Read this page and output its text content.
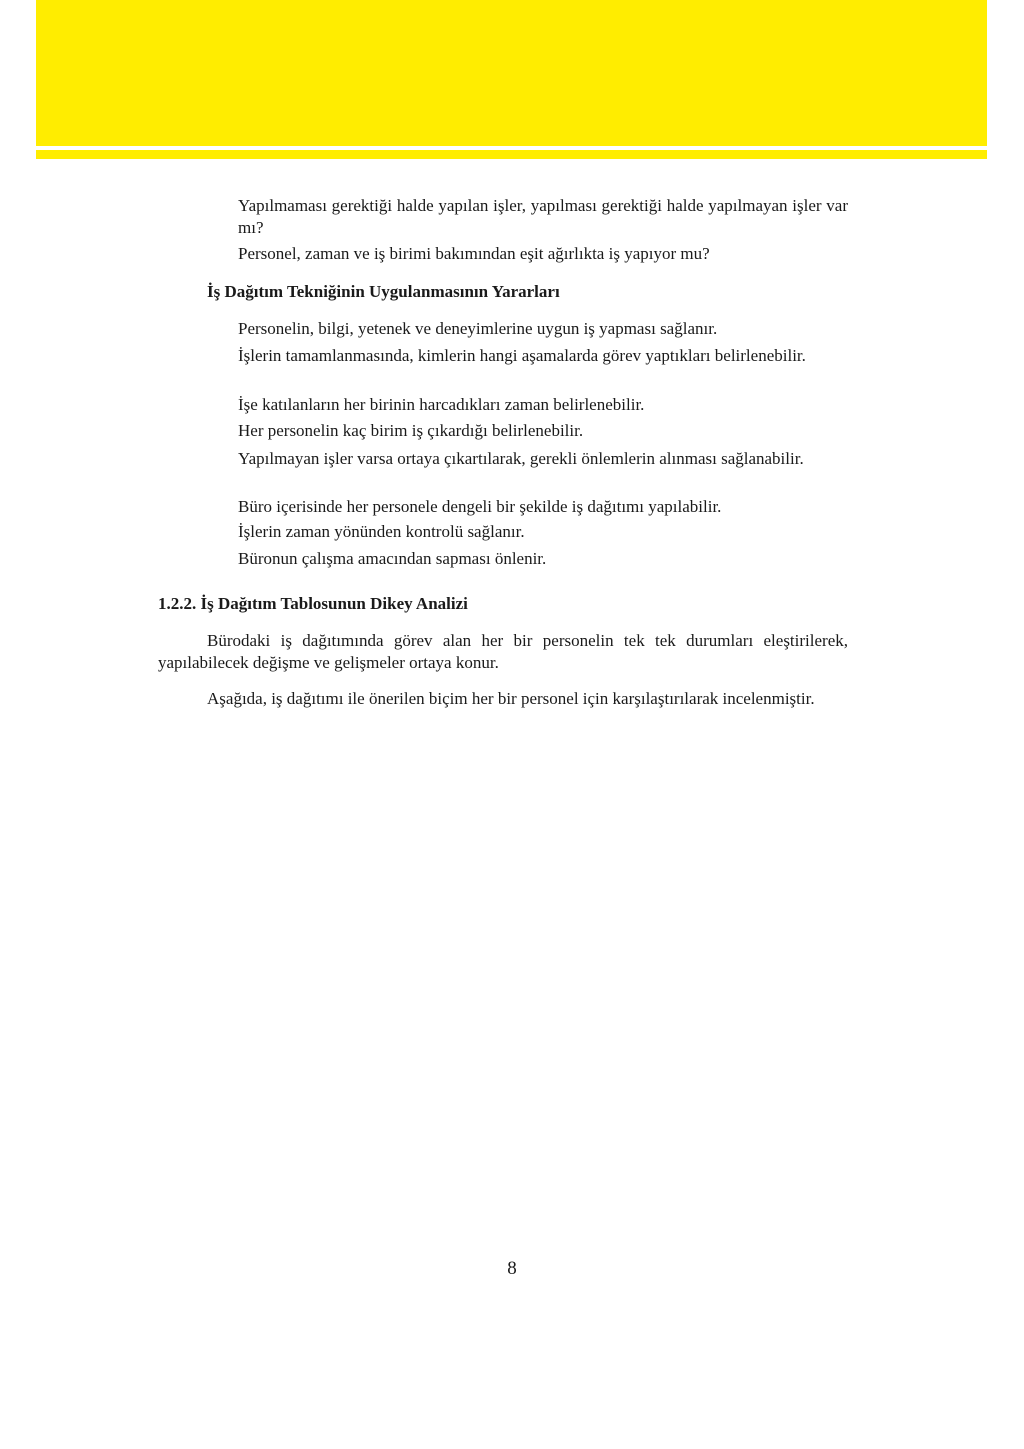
Yapılmaması gerektiği halde yapılan işler, yapılması gerektiği halde yapılmayan işler var mı?

Personel, zaman ve iş birimi bakımından eşit ağırlıkta iş yapıyor mu?

İş Dağıtım Tekniğinin Uygulanmasının Yararları

Personelin, bilgi, yetenek ve deneyimlerine uygun iş yapması sağlanır.

İşlerin tamamlanmasında, kimlerin hangi aşamalarda görev yaptıkları belirlenebilir.

İşe katılanların her birinin harcadıkları zaman belirlenebilir.

Her personelin kaç birim iş çıkardığı belirlenebilir.

Yapılmayan işler varsa ortaya çıkartılarak, gerekli önlemlerin alınması sağlanabilir.

Büro içerisinde her personele dengeli bir şekilde iş dağıtımı yapılabilir.

İşlerin zaman yönünden kontrolü sağlanır.

Büronun çalışma amacından sapması önlenir.

1.2.2. İş Dağıtım Tablosunun Dikey Analizi

Bürodaki iş dağıtımında görev alan her bir personelin tek tek durumları eleştirilerek, yapılabilecek değişme ve gelişmeler ortaya konur.

Aşağıda, iş dağıtımı ile önerilen biçim her bir personel için karşılaştırılarak incelenmiştir.

8
